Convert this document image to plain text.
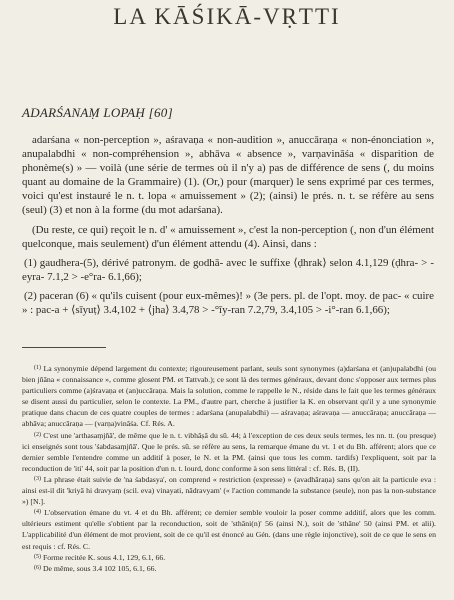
LA KĀŚIKĀ-VṚTTI
ADARŚANAṂ LOPAḤ [60]

adarśana « non-perception », aśravaṇa « non-audition », anuccāraṇa « non-énonciation », anupalabdhi « non-compréhension », abhāva « absence », varṇavināśa « disparition de phonème(s) » — voilà (une série de termes où il n'y a) pas de différence de sens (, du moins quant au domaine de la Grammaire) (1). (Or,) pour (marquer) le sens exprimé par ces termes, voici qu'est instauré le n. t. lopa « amuissement » (2); (ainsi) le prés. n. t. se réfère au sens (seul) (3) et non à la forme (du mot adarśana).

(Du reste, ce qui) reçoit le n. d' « amuissement », c'est la non-perception (, non d'un élément quelconque, mais seulement) d'un élément attendu (4). Ainsi, dans :

(1) gaudhera-(5), dérivé patronym. de godhā- avec le suffixe ⟨ḍhrak⟩ selon 4.1,129 (ḍhra- > -eyra- 7.1,2 > -e°ra- 6.1,66);

(2) paceran (6) « qu'ils cuisent (pour eux-mêmes)! » (3e pers. pl. de l'opt. moy. de pac- « cuire » : pac-a + ⟨sīyuṭ⟩ 3.4,102 + ⟨jha⟩ 3.4,78 > -°īy-ran 7.2,79, 3.4,105 > -i°-ran 6.1,66);

$^{(1)}$ La synonymie dépend largement du contexte; rigoureusement parlant, seuls sont synonymes (a)darśana et (an)upalabdhi (ou bien jñāna « connaissance », comme glosent PM. et Tattvab.); ce sont là des termes généraux, devant donc s'opposer aux termes plus particuliers comme (a)śravaṇa et (an)uccāraṇa. Mais la solution, comme le rappelle le N., réside dans le fait que les termes généraux se disent aussi du particulier, selon le contexte. La PM., d'autre part, cherche à justifier la K. en observant qu'il y a une synonymie pratique dans chacun de ces quatre couples de termes : adarśana (anupalabdhi) — aśravaṇa; aśravaṇa — anuccāraṇa; anuccāraṇa — abhāva; anuccāraṇa — (varṇa)vināśa. Cf. Rés. A.

$^{(2)}$ C'est une 'arthasaṃjñā', de même que le n. t. vibhāṣā du sū. 44; à l'exception de ces deux seuls termes, les nn. tt. (ou presque) ici enseignés sont tous 'śabdasaṃjñā'. Que le prés. sū. se réfère au sens, la remarque émane du vt. 1 et du Bh. afférent; alors que ce dernier semble l'entendre comme un additif à poser, le N. et la PM. (ainsi que tous les comm. tardifs) l'expliquent, soit par la reconduction de 'iti' 44, soit par la position d'un n. t. lourd, donc conforme à son sens littéral : cf. Rés. B, (II).

$^{(3)}$ La phrase était suivie de 'na śabdasya', on comprend « restriction (expresse) » (avadhāraṇa) sans qu'on ait la particule eva : ainsi est-il dit 'kriyā hi dravyaṃ (scil. eva) vinayati, nādravyam' (« l'action commande la substance (seule), non pas la non-substance ») [N.].

$^{(4)}$ L'observation émane du vt. 4 et du Bh. afférent; ce dernier semble vouloir la poser comme additif, alors que les comm. ultérieurs estiment qu'elle s'obtient par la reconduction, soit de 'sthāni(n)' 56 (ainsi N.), soit de 'sthāne' 50 (ainsi PM. et alii). L'applicabilité d'un élément de mot provient, soit de ce qu'il est énoncé au Gén. (dans une règle injonctive), soit de ce que le sens en est requis : cf. Rés. C.

$^{(5)}$ Forme recitée K. sous 4.1, 129, 6.1, 66.

$^{(6)}$ De même, sous 3.4 102 105, 6.1, 66.
